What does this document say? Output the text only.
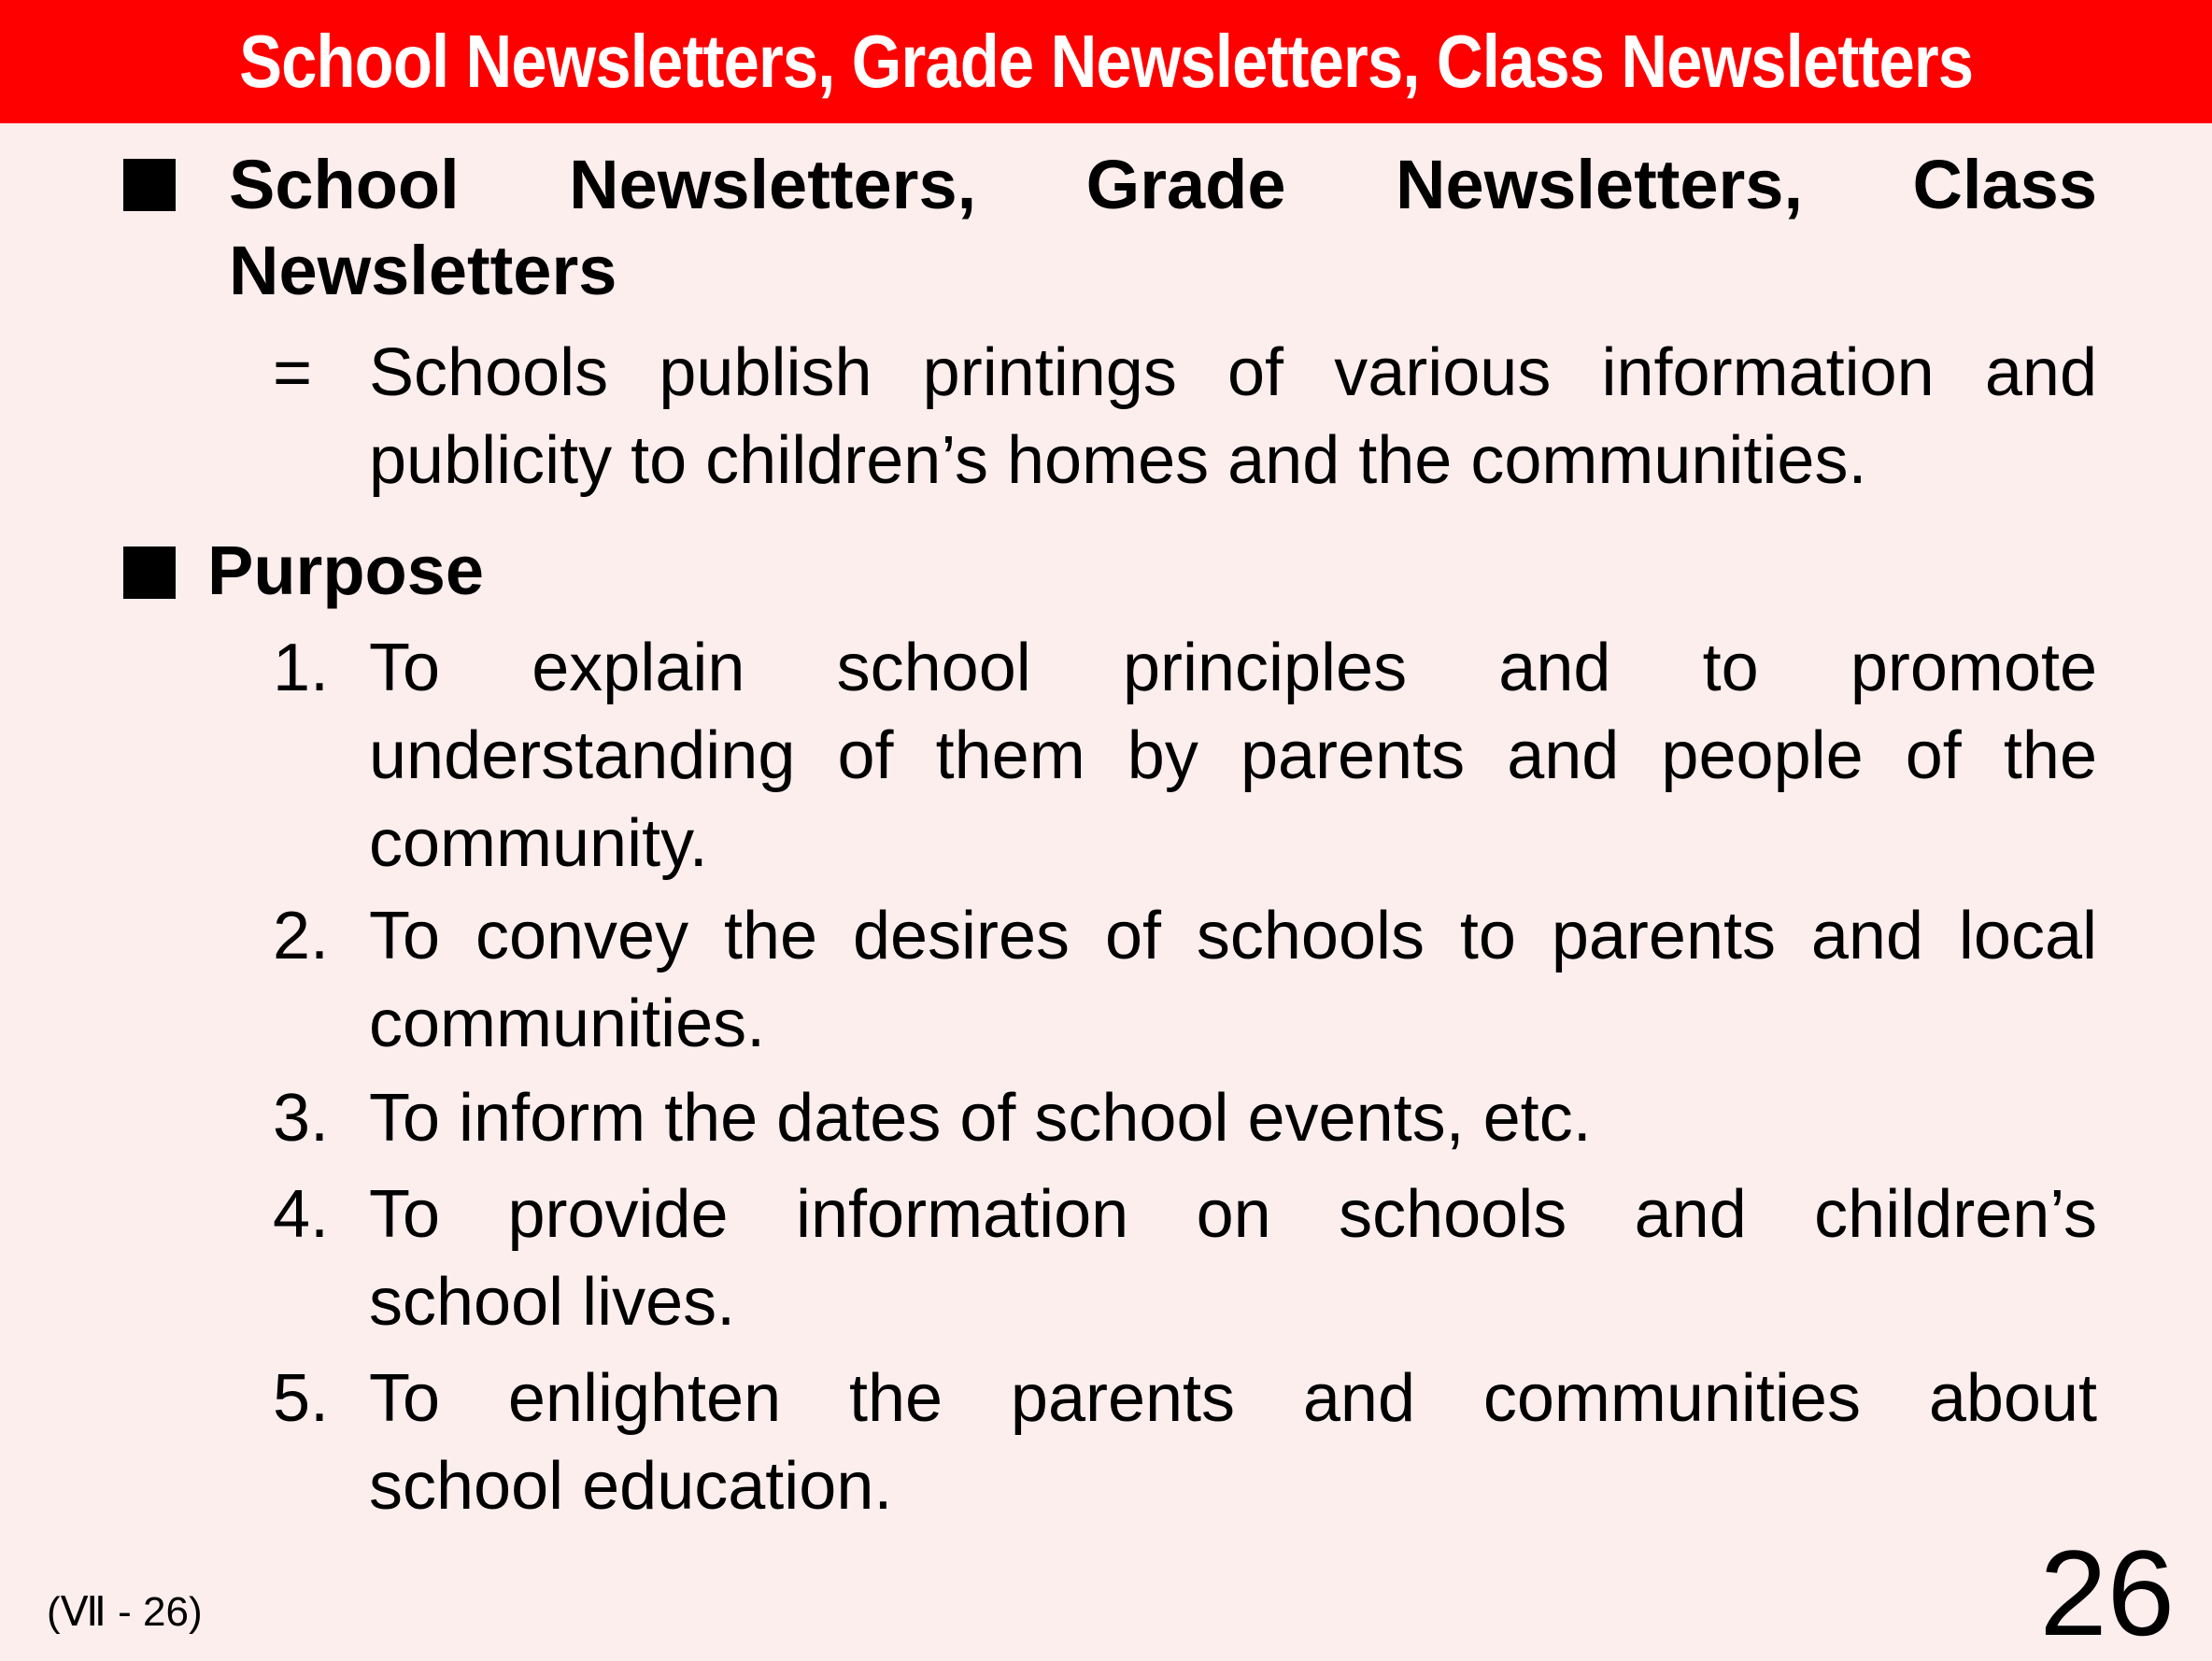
School Newsletters, Grade Newsletters, Class Newsletters
School Newsletters, Grade Newsletters, Class
Newsletters
= Schools publish printings of various information and
publicity to children’s homes and the communities.
Purpose
1. To explain school principles and to promote
understanding of them by parents and people of the
community.
2. To convey the desires of schools to parents and local
communities.
3. To inform the dates of school events, etc.
4. To provide information on schools and children’s
school lives.
5. To enlighten the parents and communities about
school education.
(Ⅶ - 26)	26
